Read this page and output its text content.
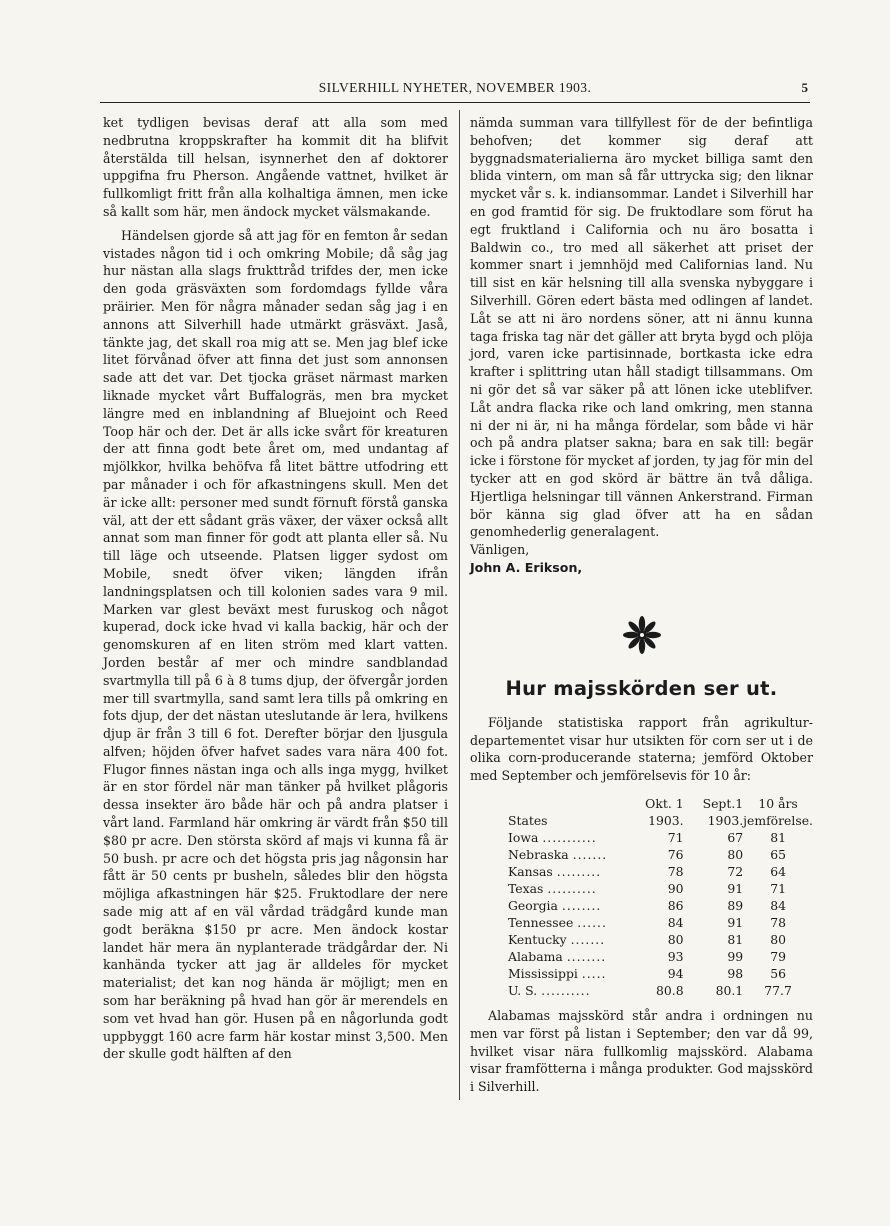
SILVERHILL NYHETER, NOVEMBER 1903.	5

ket tydligen bevisas deraf att alla som med nedbrutna kroppskrafter ha kommit dit ha blifvit återstälda till helsan, isynnerhet den af doktorer uppgifna fru Pherson. Angående vattnet, hvilket är fullkomligt fritt från alla kolhaltiga ämnen, men icke så kallt som här, men ändock mycket välsmakande.

Händelsen gjorde så att jag för en femton år sedan vistades någon tid i och omkring Mobile; då såg jag hur nästan alla slags frukttråd trifdes der, men icke den goda gräsväxten som fordomdags fyllde våra präirier. Men för några månader sedan såg jag i en annons att Silverhill hade utmärkt gräsväxt. Jaså, tänkte jag, det skall roa mig att se. Men jag blef icke litet förvånad öfver att finna det just som annonsen sade att det var. Det tjocka gräset närmast marken liknade mycket vårt Buffalogräs, men bra mycket längre med en inblandning af Bluejoint och Reed Toop här och der. Det är alls icke svårt för kreaturen der att finna godt bete året om, med undantag af mjölkkor, hvilka behöfva få litet bättre utfodring ett par månader i och för afkastningens skull. Men det är icke allt: personer med sundt förnuft förstå ganska väl, att der ett sådant gräs växer, der växer också allt annat som man finner för godt att planta eller så. Nu till läge och utseende. Platsen ligger sydost om Mobile, snedt öfver viken; längden ifrån landningsplatsen och till kolonien sades vara 9 mil. Marken var glest beväxt mest furuskog och något kuperad, dock icke hvad vi kalla backig, här och der genomskuren af en liten ström med klart vatten. Jorden består af mer och mindre sandblandad svartmylla till på 6 à 8 tums djup, der öfvergår jorden mer till svartmylla, sand samt lera tills på omkring en fots djup, der det nästan uteslutande är lera, hvilkens djup är från 3 till 6 fot. Derefter börjar den ljusgula alfven; höjden öfver hafvet sades vara nära 400 fot. Flugor finnes nästan inga och alls inga mygg, hvilket är en stor fördel när man tänker på hvilket plågoris dessa insekter äro både här och på andra platser i vårt land. Farmland här omkring är värdt från $50 till $80 pr acre. Den största skörd af majs vi kunna få är 50 bush. pr acre och det högsta pris jag någonsin har fått är 50 cents pr busheln, således blir den högsta möjliga afkastningen här $25. Fruktodlare der nere sade mig att af en väl vårdad trädgård kunde man godt beräkna $150 pr acre. Men ändock kostar landet här mera än nyplanterade trädgårdar der. Ni kanhända tycker att jag är alldeles för mycket materialist; det kan nog hända är möjligt; men en som har beräkning på hvad han gör är merendels en som vet hvad han gör. Husen på en någorlunda godt uppbyggt 160 acre farm här kostar minst 3,500. Men der skulle godt hälften af den

nämda summan vara tillfyllest för de der befintliga behofven; det kommer sig deraf att byggnadsmaterialierna äro mycket billiga samt den blida vintern, om man så får uttrycka sig; den liknar mycket vår s. k. indiansommar. Landet i Silverhill har en god framtid för sig. De fruktodlare som förut ha egt fruktland i California och nu äro bosatta i Baldwin co., tro med all säkerhet att priset der kommer snart i jemnhöjd med Californias land. Nu till sist en kär helsning till alla svenska nybyggare i Silverhill. Gören edert bästa med odlingen af landet. Låt se att ni äro nordens söner, att ni ännu kunna taga friska tag när det gäller att bryta bygd och plöja jord, varen icke partisinnade, bortkasta icke edra krafter i splittring utan håll stadigt tillsammans. Om ni gör det så var säker på att lönen icke uteblifver. Låt andra flacka rike och land omkring, men stanna ni der ni är, ni ha många fördelar, som både vi här och på andra platser sakna; bara en sak till: begär icke i förstone för mycket af jorden, ty jag för min del tycker att en god skörd är bättre än två dåliga. Hjertliga helsningar till vännen Ankerstrand. Firman bör känna sig glad öfver att ha en sådan genomhederlig generalagent.

Vänligen,

John A. Erikson,

Hur majsskörden ser ut.

Följande statistiska rapport från agrikultur-departementet visar hur utsikten för corn ser ut i de olika corn-producerande staterna; jemförd Oktober med September och jemförelsevis för 10 år:

	Okt. 1	Sept.1	10 års
States	1903.	1903.	jemförelse.
Iowa ...........	71	67	81
Nebraska .......	76	80	65
Kansas .........	78	72	64
Texas ..........	90	91	71
Georgia ........	86	89	84
Tennessee ......	84	91	78
Kentucky .......	80	81	80
Alabama ........	93	99	79
Mississippi .....	94	98	56
U. S. ..........	80.8	80.1	77.7

Alabamas majsskörd står andra i ordningen nu men var först på listan i September; den var då 99, hvilket visar nära fullkomlig majsskörd. Alabama visar framfötterna i många produkter. God majsskörd i Silverhill.
